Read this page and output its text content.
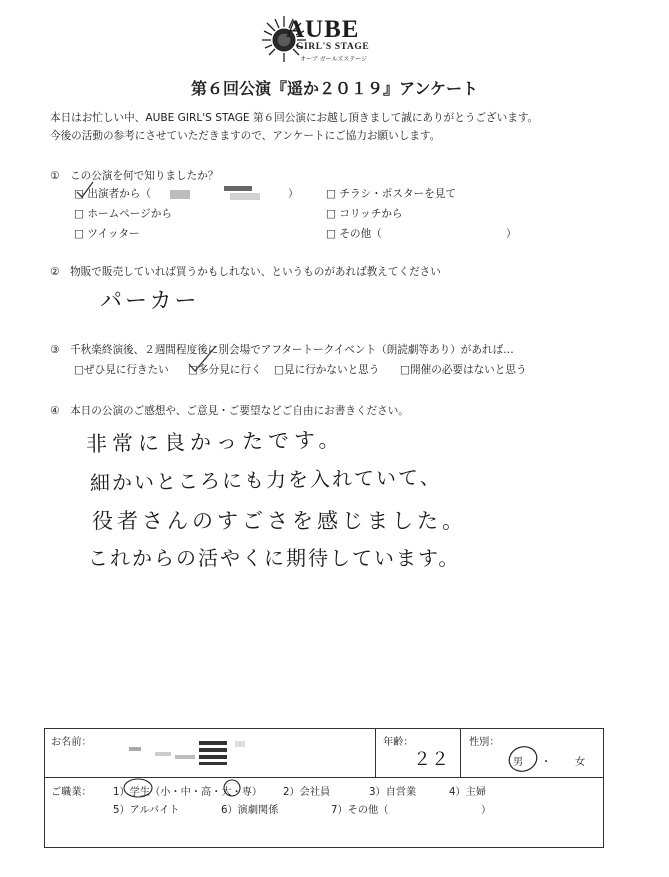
AUBE
GIRL'S STAGE
オーブ ガールズステージ
第６回公演『遥か２０１９』アンケート
本日はお忙しい中、AUBE GIRL'S STAGE 第６回公演にお越し頂きまして誠にありがとうございます。
今後の活動の参考にさせていただきますので、アンケートにご協力お願いします。
①　この公演を何で知りましたか？
□ 出演者から（	）
□ ホームページから
□ ツイッター
□ チラシ・ポスターを見て
□ コリッチから
□ その他（	）
②　物販で販売していれば買うかもしれない、というものがあれば教えてください
パーカー
③　千秋楽終演後、２週間程度後に別会場でアフタートークイベント（朗読劇等あり）があれば…
□ぜひ見に行きたい □多分見に行く □見に行かないと思う □開催の必要はないと思う
④　本日の公演のご感想や、ご意見・ご要望などご自由にお書きください。
非常に良かったです。
細かいところにも力を入れていて、
役者さんのすごさを感じました。
これからの活やくに期待しています。
お名前：	年齢：
２２
性別：
男 ・ 女
ご職業： 1）学生（小・中・高・大・専） 2）会社員	3）自営業	4）主婦
5）アルバイト	6）演劇関係	7）その他（	）
